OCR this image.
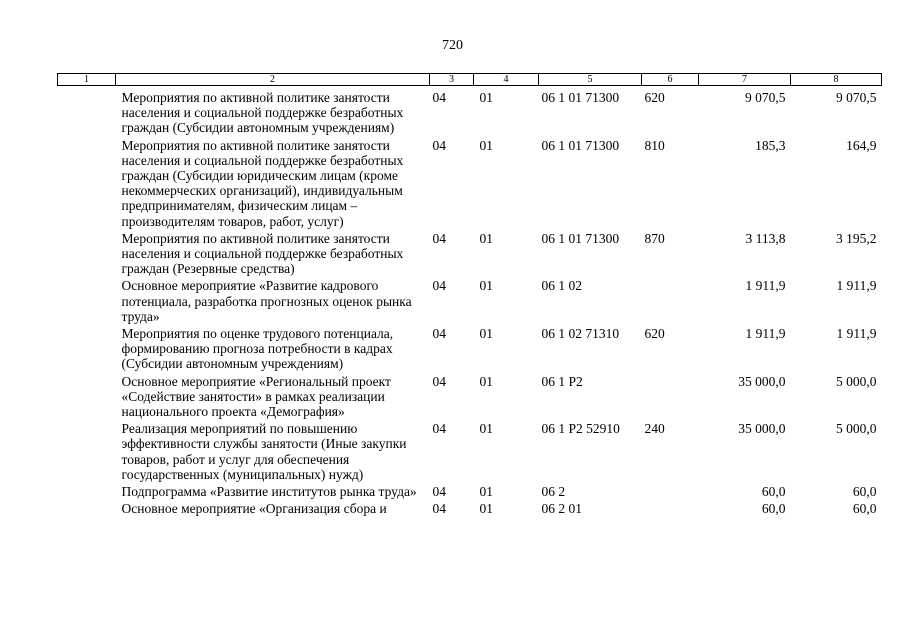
720
1	2	3	4	5	6	7	8
	Мероприятия по активной политике занятости населения и социальной поддержке безработных граждан (Субсидии автономным учреждениям)	04	01	06 1 01 71300	620	9 070,5	9 070,5
	Мероприятия по активной политике занятости населения и социальной поддержке безработных граждан (Субсидии юридическим лицам (кроме некоммерческих организаций), индивидуальным предпринимателям, физическим лицам – производителям товаров, работ, услуг)	04	01	06 1 01 71300	810	185,3	164,9
	Мероприятия по активной политике занятости населения и социальной поддержке безработных граждан (Резервные средства)	04	01	06 1 01 71300	870	3 113,8	3 195,2
	Основное мероприятие «Развитие кадрового потенциала, разработка прогнозных оценок рынка труда»	04	01	06 1 02		1 911,9	1 911,9
	Мероприятия по оценке трудового потенциала, формированию прогноза потребности в кадрах (Субсидии автономным учреждениям)	04	01	06 1 02 71310	620	1 911,9	1 911,9
	Основное мероприятие «Региональный проект «Содействие занятости» в рамках реализации национального проекта «Демография»	04	01	06 1 P2		35 000,0	5 000,0
	Реализация мероприятий по повышению эффективности службы занятости (Иные закупки товаров, работ и услуг для обеспечения государственных (муниципальных) нужд)	04	01	06 1 P2 52910	240	35 000,0	5 000,0
	Подпрограмма «Развитие институтов рынка труда»	04	01	06 2		60,0	60,0
	Основное мероприятие «Организация сбора и	04	01	06 2 01		60,0	60,0
